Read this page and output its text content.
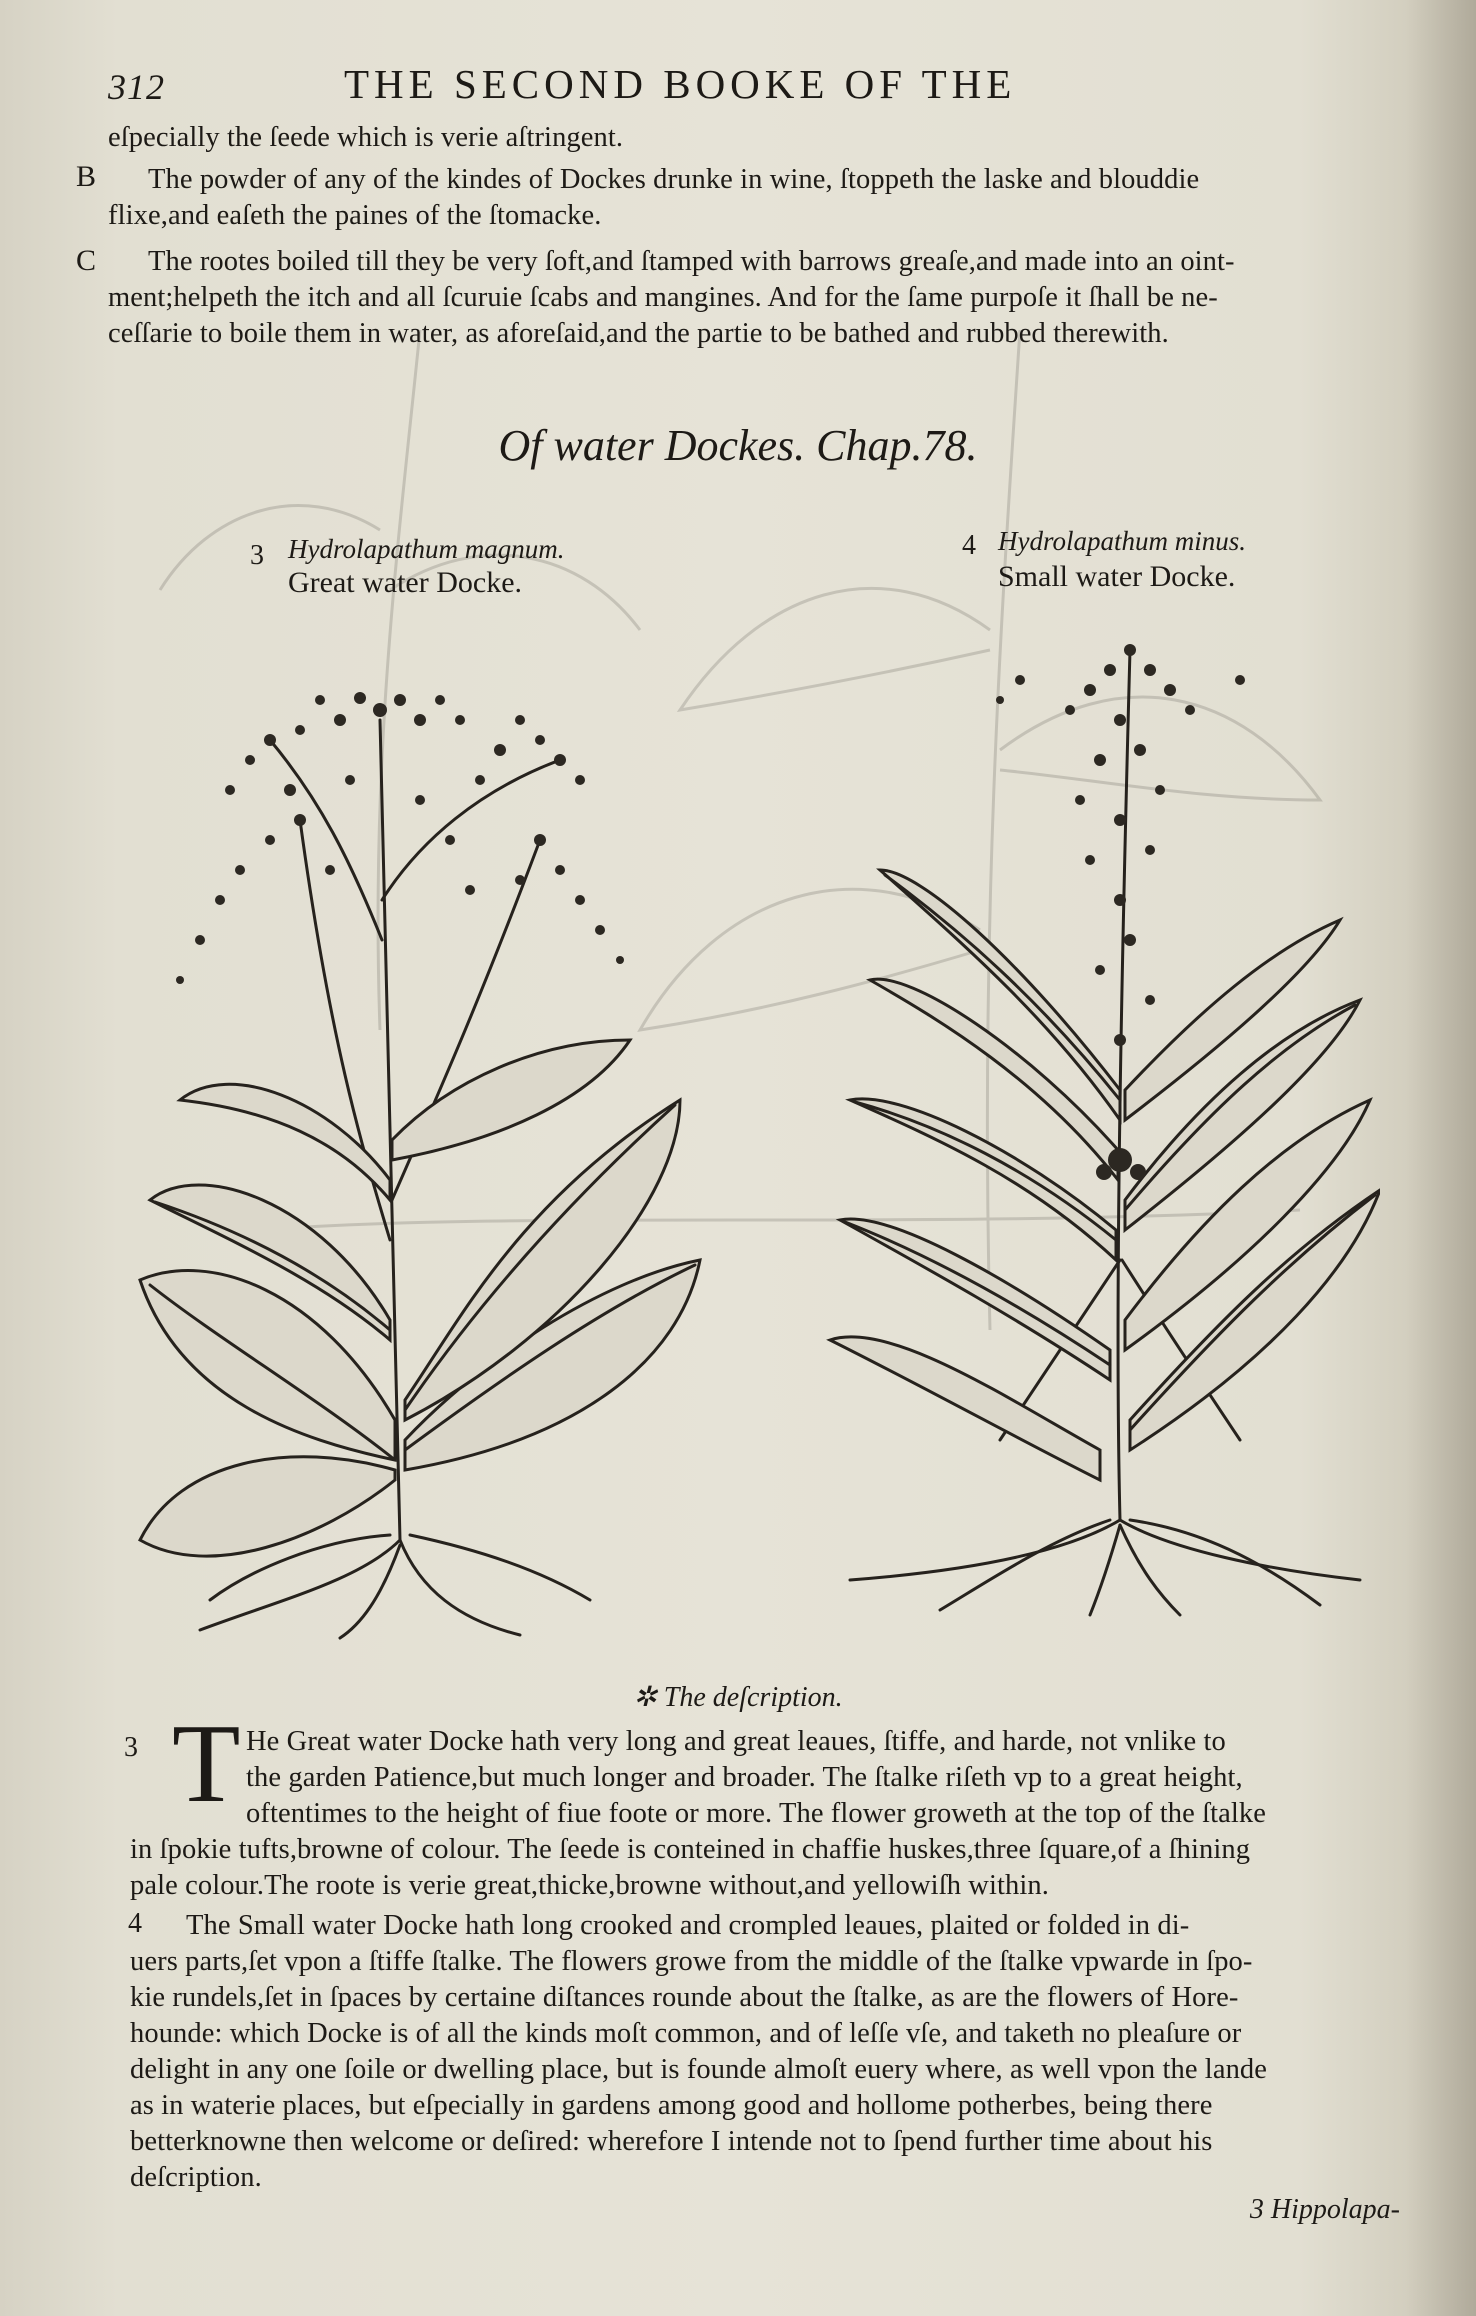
312	THE SECOND BOOKE OF THE
eſpecially the ſeede which is verie aſtringent.
B The powder of any of the kindes of Dockes drunke in wine, ſtoppeth the laske and blouddie
flixe,and eaſeth the paines of the ſtomacke.
C The rootes boiled till they be very ſoft,and ſtamped with barrows greaſe,and made into an oint-
ment;helpeth the itch and all ſcuruie ſcabs and mangines. And for the ſame purpoſe it ſhall be ne-
ceſſarie to boile them in water, as aforeſaid,and the partie to be bathed and rubbed therewith.
Of water Dockes. Chap.78.
3 Hydrolapathum magnum.
Great water Docke.
4 Hydrolapathum minus.
Small water Docke.
✲ The deſcription.
3 T He Great water Docke hath very long and great leaues, ſtiffe, and harde, not vnlike to
the garden Patience,but much longer and broader. The ſtalke riſeth vp to a great height,
oftentimes to the height of fiue foote or more. The flower groweth at the top of the ſtalke
in ſpokie tufts,browne of colour. The ſeede is conteined in chaffie huskes,three ſquare,of a ſhining
pale colour.The roote is verie great,thicke,browne without,and yellowiſh within.
4 The Small water Docke hath long crooked and crompled leaues, plaited or folded in di-
uers parts,ſet vpon a ſtiffe ſtalke. The flowers growe from the middle of the ſtalke vpwarde in ſpo-
kie rundels,ſet in ſpaces by certaine diſtances rounde about the ſtalke, as are the flowers of Hore-
hounde: which Docke is of all the kinds moſt common, and of leſſe vſe, and taketh no pleaſure or
delight in any one ſoile or dwelling place, but is founde almoſt euery where, as well vpon the lande
as in waterie places, but eſpecially in gardens among good and hollome potherbes, being there
betterknowne then welcome or deſired: wherefore I intende not to ſpend further time about his
deſcription.
3 Hippolapa-
